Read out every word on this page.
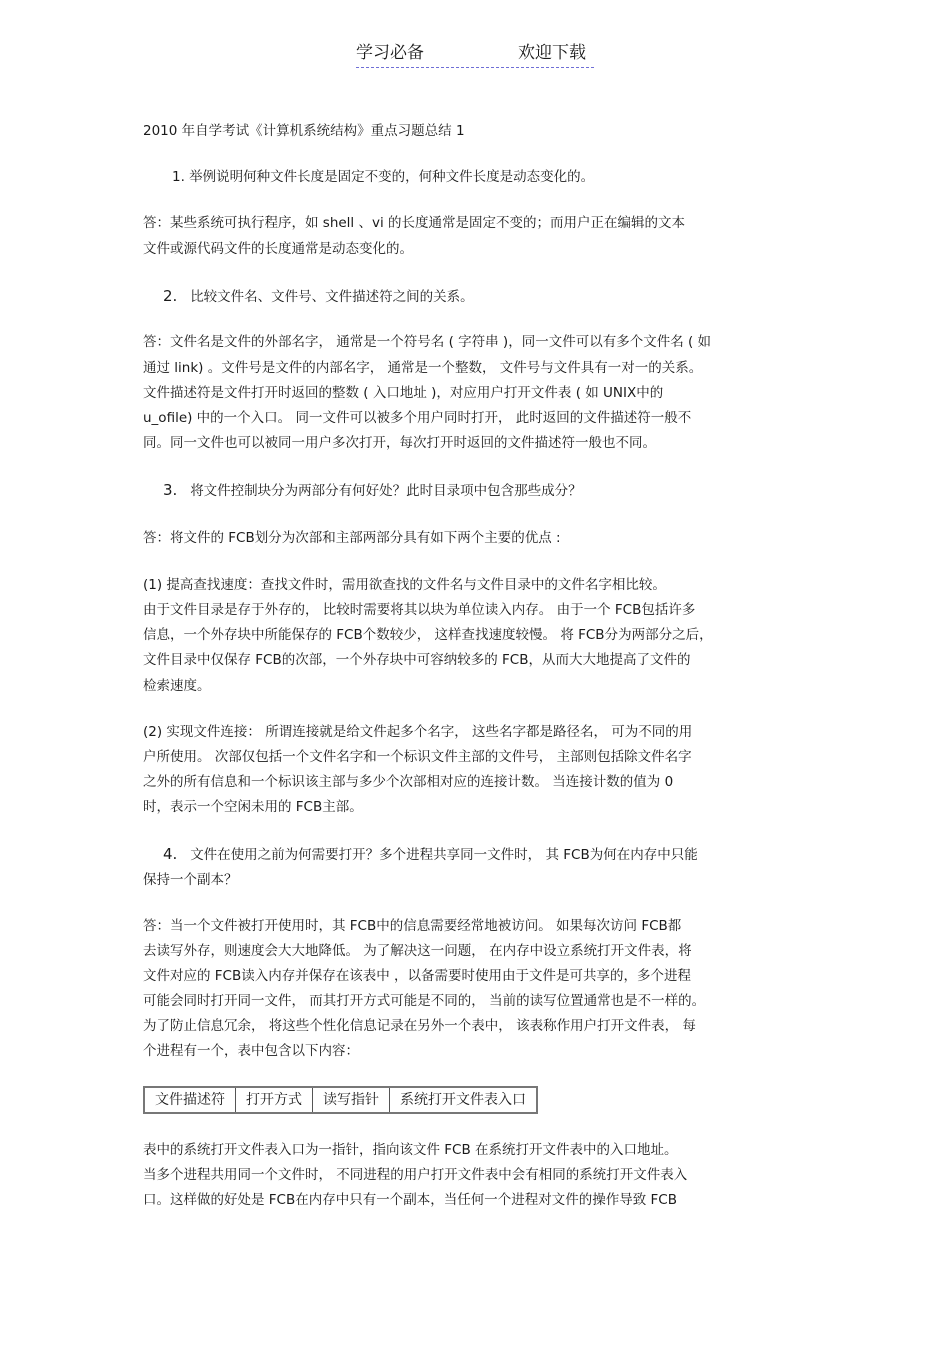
学习必备	欢迎下载
2010 年自学考试《计算机系统结构》重点习题总结 1
1. 举例说明何种文件长度是固定不变的，何种文件长度是动态变化的。
答：某些系统可执行程序，如 shell 、vi 的长度通常是固定不变的；而用户正在编辑的文本
文件或源代码文件的长度通常是动态变化的。
2. 比较文件名、文件号、文件描述符之间的关系。
答：文件名是文件的外部名字， 通常是一个符号名 ( 字符串 )，同一文件可以有多个文件名 ( 如
通过 link) 。文件号是文件的内部名字， 通常是一个整数， 文件号与文件具有一对一的关系。
文件描述符是文件打开时返回的整数 ( 入口地址 )，对应用户打开文件表 ( 如 UNIX中的
u_ofile) 中的一个入口。 同一文件可以被多个用户同时打开， 此时返回的文件描述符一般不
同。同一文件也可以被同一用户多次打开，每次打开时返回的文件描述符一般也不同。
3. 将文件控制块分为两部分有何好处？此时目录项中包含那些成分？
答：将文件的 FCB划分为次部和主部两部分具有如下两个主要的优点 :
(1) 提高查找速度：查找文件时，需用欲查找的文件名与文件目录中的文件名字相比较。
由于文件目录是存于外存的， 比较时需要将其以块为单位读入内存。 由于一个 FCB包括许多
信息，一个外存块中所能保存的 FCB个数较少， 这样查找速度较慢。 将 FCB分为两部分之后，
文件目录中仅保存 FCB的次部，一个外存块中可容纳较多的 FCB，从而大大地提高了文件的
检索速度。
(2) 实现文件连接： 所谓连接就是给文件起多个名字， 这些名字都是路径名， 可为不同的用
户所使用。 次部仅包括一个文件名字和一个标识文件主部的文件号， 主部则包括除文件名字
之外的所有信息和一个标识该主部与多少个次部相对应的连接计数。 当连接计数的值为 0
时，表示一个空闲未用的 FCB主部。
4. 文件在使用之前为何需要打开？多个进程共享同一文件时， 其 FCB为何在内存中只能
保持一个副本？
答：当一个文件被打开使用时，其 FCB中的信息需要经常地被访问。 如果每次访问 FCB都
去读写外存，则速度会大大地降低。 为了解决这一问题， 在内存中设立系统打开文件表，将
文件对应的 FCB读入内存并保存在该表中 ，以备需要时使用由于文件是可共享的，多个进程
可能会同时打开同一文件， 而其打开方式可能是不同的， 当前的读写位置通常也是不一样的。
为了防止信息冗余， 将这些个性化信息记录在另外一个表中， 该表称作用户打开文件表， 每
个进程有一个，表中包含以下内容：
文件描述符	打开方式	读写指针	系统打开文件表入口
表中的系统打开文件表入口为一指针，指向该文件 FCB 在系统打开文件表中的入口地址。
当多个进程共用同一个文件时， 不同进程的用户打开文件表中会有相同的系统打开文件表入
口。这样做的好处是 FCB在内存中只有一个副本，当任何一个进程对文件的操作导致 FCB
